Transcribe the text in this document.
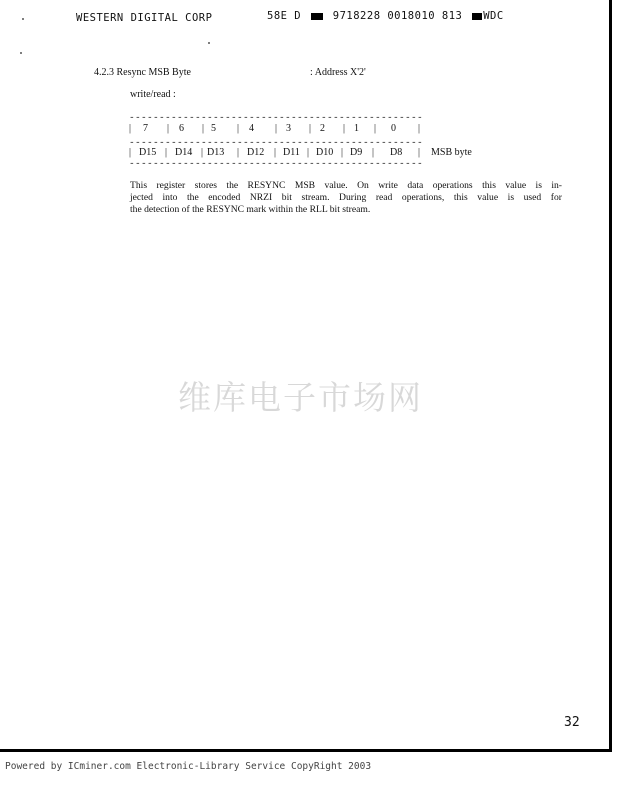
WESTERN DIGITAL CORP	58E D	9718228 0018010 813 WDC
4.2.3 Resync MSB Byte	: Address X'2'
write/read :
-------------------------------------------------
| 7 | 6 | 5 | 4 | 3 | 2 | 1 | 0 |
-------------------------------------------------
| D15 | D14 | D13 | D12 | D11 | D10 | D9 | D8 | MSB byte
-------------------------------------------------
This register stores the RESYNC MSB value. On write data operations this value is in-
jected into the encoded NRZI bit stream. During read operations, this value is used for
the detection of the RESYNC mark within the RLL bit stream.
维库电子市场网
32
Powered by ICminer.com Electronic-Library Service CopyRight 2003
